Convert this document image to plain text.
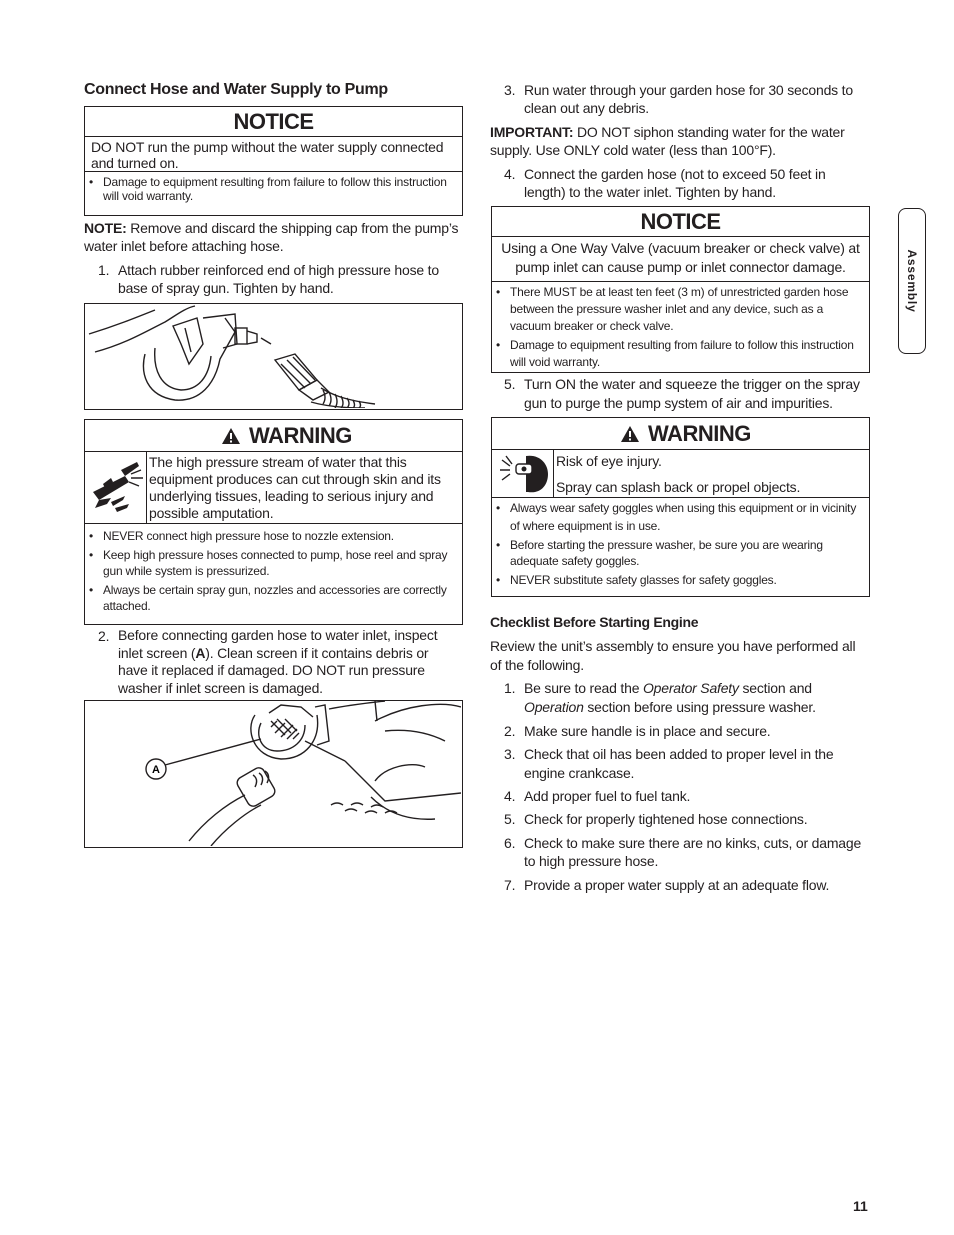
Connect Hose and Water Supply to Pump
NOTICE
DO NOT run the pump without the water supply connected and turned on.
• Damage to equipment resulting from failure to follow this instruction will void warranty.
NOTE: Remove and discard the shipping cap from the pump’s water inlet before attaching hose.
1. Attach rubber reinforced end of high pressure hose to base of spray gun. Tighten by hand.
WARNING
The high pressure stream of water that this equipment produces can cut through skin and its underlying tissues, leading to serious injury and possible amputation.
• NEVER connect high pressure hose to nozzle extension.
• Keep high pressure hoses connected to pump, hose reel and spray gun while system is pressurized.
• Always be certain spray gun, nozzles and accessories are correctly attached.
2. Before connecting garden hose to water inlet, inspect inlet screen (A). Clean screen if it contains debris or have it replaced if damaged. DO NOT run pressure washer if inlet screen is damaged.
A
3. Run water through your garden hose for 30 seconds to clean out any debris.
IMPORTANT: DO NOT siphon standing water for the water supply. Use ONLY cold water (less than 100°F).
4. Connect the garden hose (not to exceed 50 feet in length) to the water inlet. Tighten by hand.
NOTICE
Using a One Way Valve (vacuum breaker or check valve) at pump inlet can cause pump or inlet connector damage.
• There MUST be at least ten feet (3 m) of unrestricted garden hose between the pressure washer inlet and any device, such as a vacuum breaker or check valve.
• Damage to equipment resulting from failure to follow this instruction will void warranty.
5. Turn ON the water and squeeze the trigger on the spray gun to purge the pump system of air and impurities.
WARNING
Risk of eye injury.
Spray can splash back or propel objects.
• Always wear safety goggles when using this equipment or in vicinity of where equipment is in use.
• Before starting the pressure washer, be sure you are wearing adequate safety goggles.
• NEVER substitute safety glasses for safety goggles.
Checklist Before Starting Engine
Review the unit’s assembly to ensure you have performed all of the following.
1. Be sure to read the Operator Safety section and Operation section before using pressure washer.
2. Make sure handle is in place and secure.
3. Check that oil has been added to proper level in the engine crankcase.
4. Add proper fuel to fuel tank.
5. Check for properly tightened hose connections.
6. Check to make sure there are no kinks, cuts, or damage to high pressure hose.
7. Provide a proper water supply at an adequate flow.
Assembly
11
